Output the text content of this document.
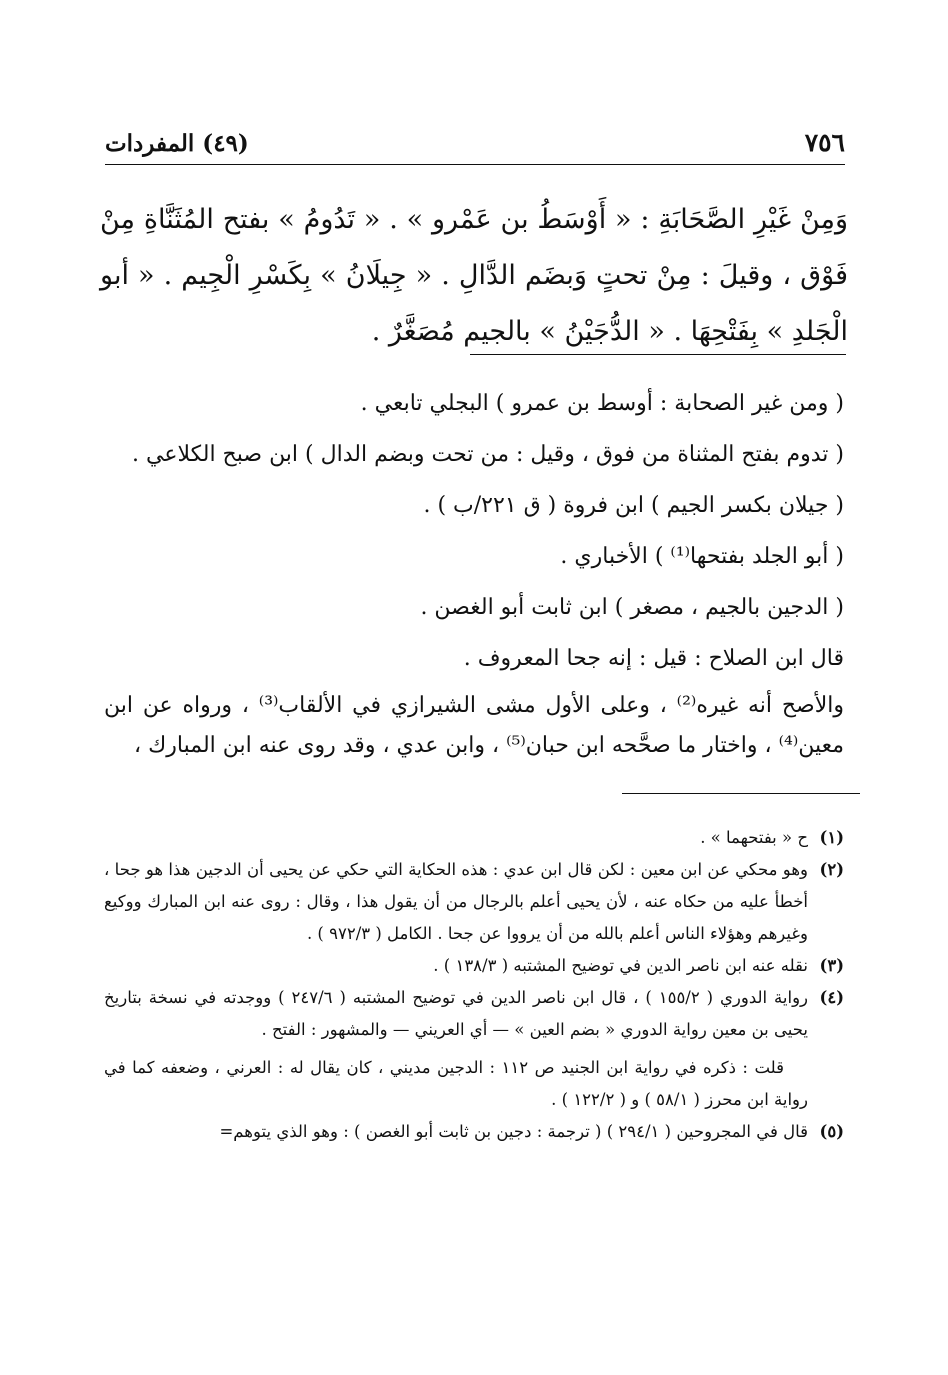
٧٥٦
(٤٩) المفردات

وَمِنْ غَيْرِ الصَّحَابَةِ : « أَوْسَطُ بن عَمْرو » . « تَدُومُ » بفتح المُثَنَّاةِ مِنْ فَوْق ، وقيلَ : مِنْ تحتٍ وَبضَم الدَّالِ . « جِيلَانُ » بِكَسْرِ الْجِيم . « أبو الْجَلدِ » بِفَتْحِهَا . « الدُّجَيْنُ » بالجيم مُصَغَّرٌ .

( ومن غير الصحابة : أوسط بن عمرو ) البجلي تابعي .

( تدوم بفتح المثناة من فوق ، وقيل : من تحت وبضم الدال ) ابن صبح الكلاعي .

( جيلان بكسر الجيم ) ابن فروة ( ق ٢٢١/ب ) .

( أبو الجلد بفتحها⁽¹⁾ ) الأخباري .

( الدجين بالجيم ، مصغر ) ابن ثابت أبو الغصن .

قال ابن الصلاح : قيل : إنه جحا المعروف .

والأصح أنه غيره⁽²⁾ ، وعلى الأول مشى الشيرازي في الألقاب⁽³⁾ ، ورواه عن ابن معين⁽⁴⁾ ، واختار ما صحَّحه ابن حبان⁽⁵⁾ ، وابن عدي ، وقد روى عنه ابن المبارك ،

(١)

ح « بفتحهما » .

(٢)

وهو محكي عن ابن معين : لكن قال ابن عدي : هذه الحكاية التي حكي عن يحيى أن الدجين هذا هو جحا ، أخطأ عليه من حكاه عنه ، لأن يحيى أعلم بالرجال من أن يقول هذا ، وقال : روى عنه ابن المبارك ووكيع وغيرهم وهؤلاء الناس أعلم بالله من أن يرووا عن جحا . الكامل ( ٩٧٢/٣ ) .

(٣)

نقله عنه ابن ناصر الدين في توضيح المشتبه ( ١٣٨/٣ ) .

(٤)

رواية الدوري ( ١٥٥/٢ ) ، قال ابن ناصر الدين في توضيح المشتبه ( ٢٤٧/٦ ) ووجدته في نسخة بتاريخ يحيى بن معين رواية الدوري « بضم العين » — أي العريني — والمشهور : الفتح .

قلت : ذكره في رواية ابن الجنيد ص ١١٢ : الدجين مديني ، كان يقال له : العرني ، وضعفه كما في رواية ابن محرز ( ٥٨/١ ) و ( ١٢٢/٢ ) .

(٥)

قال في المجروحين ( ٢٩٤/١ ) ( ترجمة : دجين بن ثابت أبو الغصن ) : وهو الذي يتوهم=
